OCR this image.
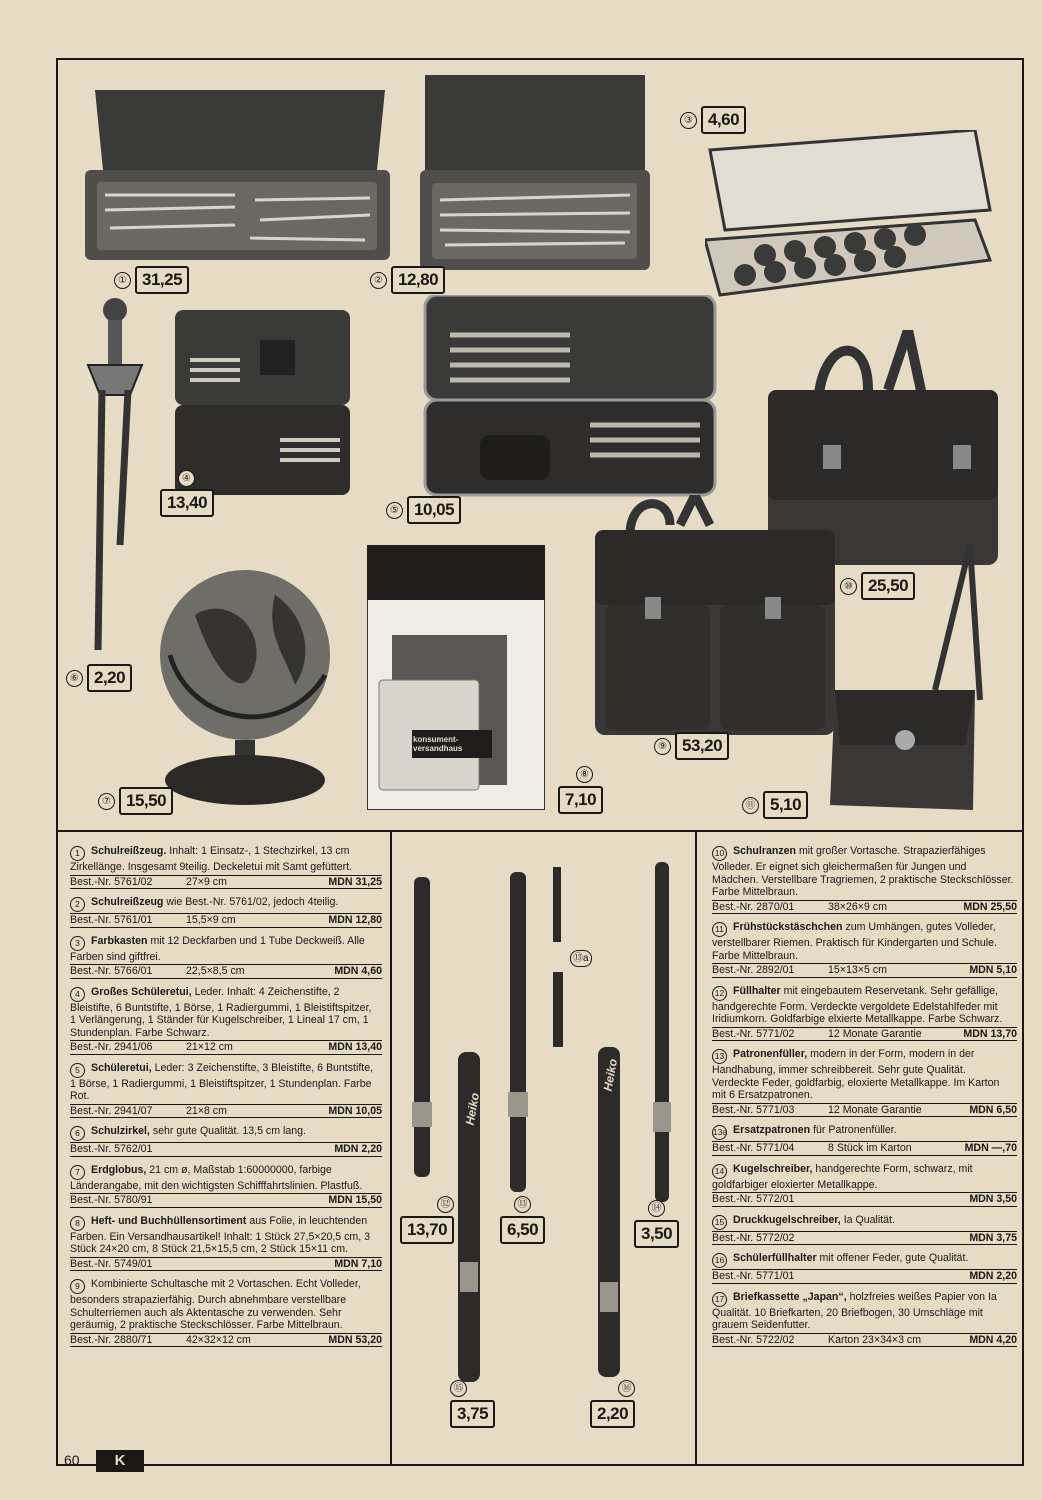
konsument-
versandhaus
Heiko
Heiko
① 31,25	② 12,80
③ 4,60
④
13,40	⑤ 10,05
⑥ 2,20
⑦ 15,50
⑧
7,10
⑨ 53,20
⑩ 25,50
⑪ 5,10
⑫
13,70
⑬
6,50
⑬a
⑭
3,50
⑮
3,75
⑯
2,20
1 Schulreißzeug. Inhalt: 1 Einsatz-, 1 Stechzirkel, 13 cm Zirkellänge. Insgesamt 9teilig. Deckeletui mit Samt gefüttert.
Best.-Nr. 5761/02	27×9 cm	MDN 31,25
2 Schulreißzeug wie Best.-Nr. 5761/02, jedoch 4teilig.
Best.-Nr. 5761/01	15,5×9 cm	MDN 12,80
3 Farbkasten mit 12 Deckfarben und 1 Tube Deckweiß. Alle Farben sind giftfrei.
Best.-Nr. 5766/01	22,5×8,5 cm	MDN 4,60
4 Großes Schüleretui, Leder. Inhalt: 4 Zeichenstifte, 2 Bleistifte, 6 Buntstifte, 1 Börse, 1 Radiergummi, 1 Bleistiftspitzer, 1 Verlängerung, 1 Ständer für Kugelschreiber, 1 Lineal 17 cm, 1 Stundenplan. Farbe Schwarz.
Best.-Nr. 2941/06	21×12 cm	MDN 13,40
5 Schüleretui, Leder: 3 Zeichenstifte, 3 Bleistifte, 6 Buntstifte, 1 Börse, 1 Radiergummi, 1 Bleistiftspitzer, 1 Stundenplan. Farbe Rot.
Best.-Nr. 2941/07	21×8 cm	MDN 10,05
6 Schulzirkel, sehr gute Qualität. 13,5 cm lang.
Best.-Nr. 5762/01	MDN 2,20
7 Erdglobus, 21 cm ø, Maßstab 1:60000000, farbige Länderangabe, mit den wichtigsten Schifffahrtslinien. Plastfuß.
Best.-Nr. 5780/91	MDN 15,50
8 Heft- und Buchhüllensortiment aus Folie, in leuchtenden Farben. Ein Versandhausartikel! Inhalt: 1 Stück 27,5×20,5 cm, 3 Stück 24×20 cm, 8 Stück 21,5×15,5 cm, 2 Stück 15×11 cm.
Best.-Nr. 5749/01	MDN 7,10
9 Kombinierte Schultasche mit 2 Vortaschen. Echt Volleder, besonders strapazierfähig. Durch abnehmbare verstellbare Schulterriemen auch als Aktentasche zu verwenden. Sehr geräumig, 2 praktische Steckschlösser. Farbe Mittelbraun.
Best.-Nr. 2880/71	42×32×12 cm	MDN 53,20
10 Schulranzen mit großer Vortasche. Strapazierfähiges Volleder. Er eignet sich gleichermaßen für Jungen und Mädchen. Verstellbare Tragriemen, 2 praktische Steckschlösser. Farbe Mittelbraun.
Best.-Nr. 2870/01	38×26×9 cm	MDN 25,50
11 Frühstückstäschchen zum Umhängen, gutes Volleder, verstellbarer Riemen. Praktisch für Kindergarten und Schule. Farbe Mittelbraun.
Best.-Nr. 2892/01	15×13×5 cm	MDN 5,10
12 Füllhalter mit eingebautem Reservetank. Sehr gefällige, handgerechte Form. Verdeckte vergoldete Edelstahlfeder mit Iridiumkorn. Goldfarbige elxierte Metallkappe. Farbe Schwarz.
Best.-Nr. 5771/02	12 Monate Garantie	MDN 13,70
13 Patronenfüller, modern in der Form, modern in der Handhabung, immer schreibbereit. Sehr gute Qualität. Verdeckte Feder, goldfarbig, eloxierte Metallkappe. Im Karton mit 6 Ersatzpatronen.
Best.-Nr. 5771/03	12 Monate Garantie	MDN 6,50
13a Ersatzpatronen für Patronenfüller.
Best.-Nr. 5771/04	8 Stück im Karton	MDN —,70
14 Kugelschreiber, handgerechte Form, schwarz, mit goldfarbiger eloxierter Metallkappe.
Best.-Nr. 5772/01	MDN 3,50
15 Druckkugelschreiber, Ia Qualität.
Best.-Nr. 5772/02	MDN 3,75
16 Schülerfüllhalter mit offener Feder, gute Qualität.
Best.-Nr. 5771/01	MDN 2,20
17 Briefkassette „Japan“, holzfreies weißes Papier von Ia Qualität. 10 Briefkarten, 20 Briefbogen, 30 Umschläge mit grauem Seidenfutter.
Best.-Nr. 5722/02	Karton 23×34×3 cm	MDN 4,20
60	K
